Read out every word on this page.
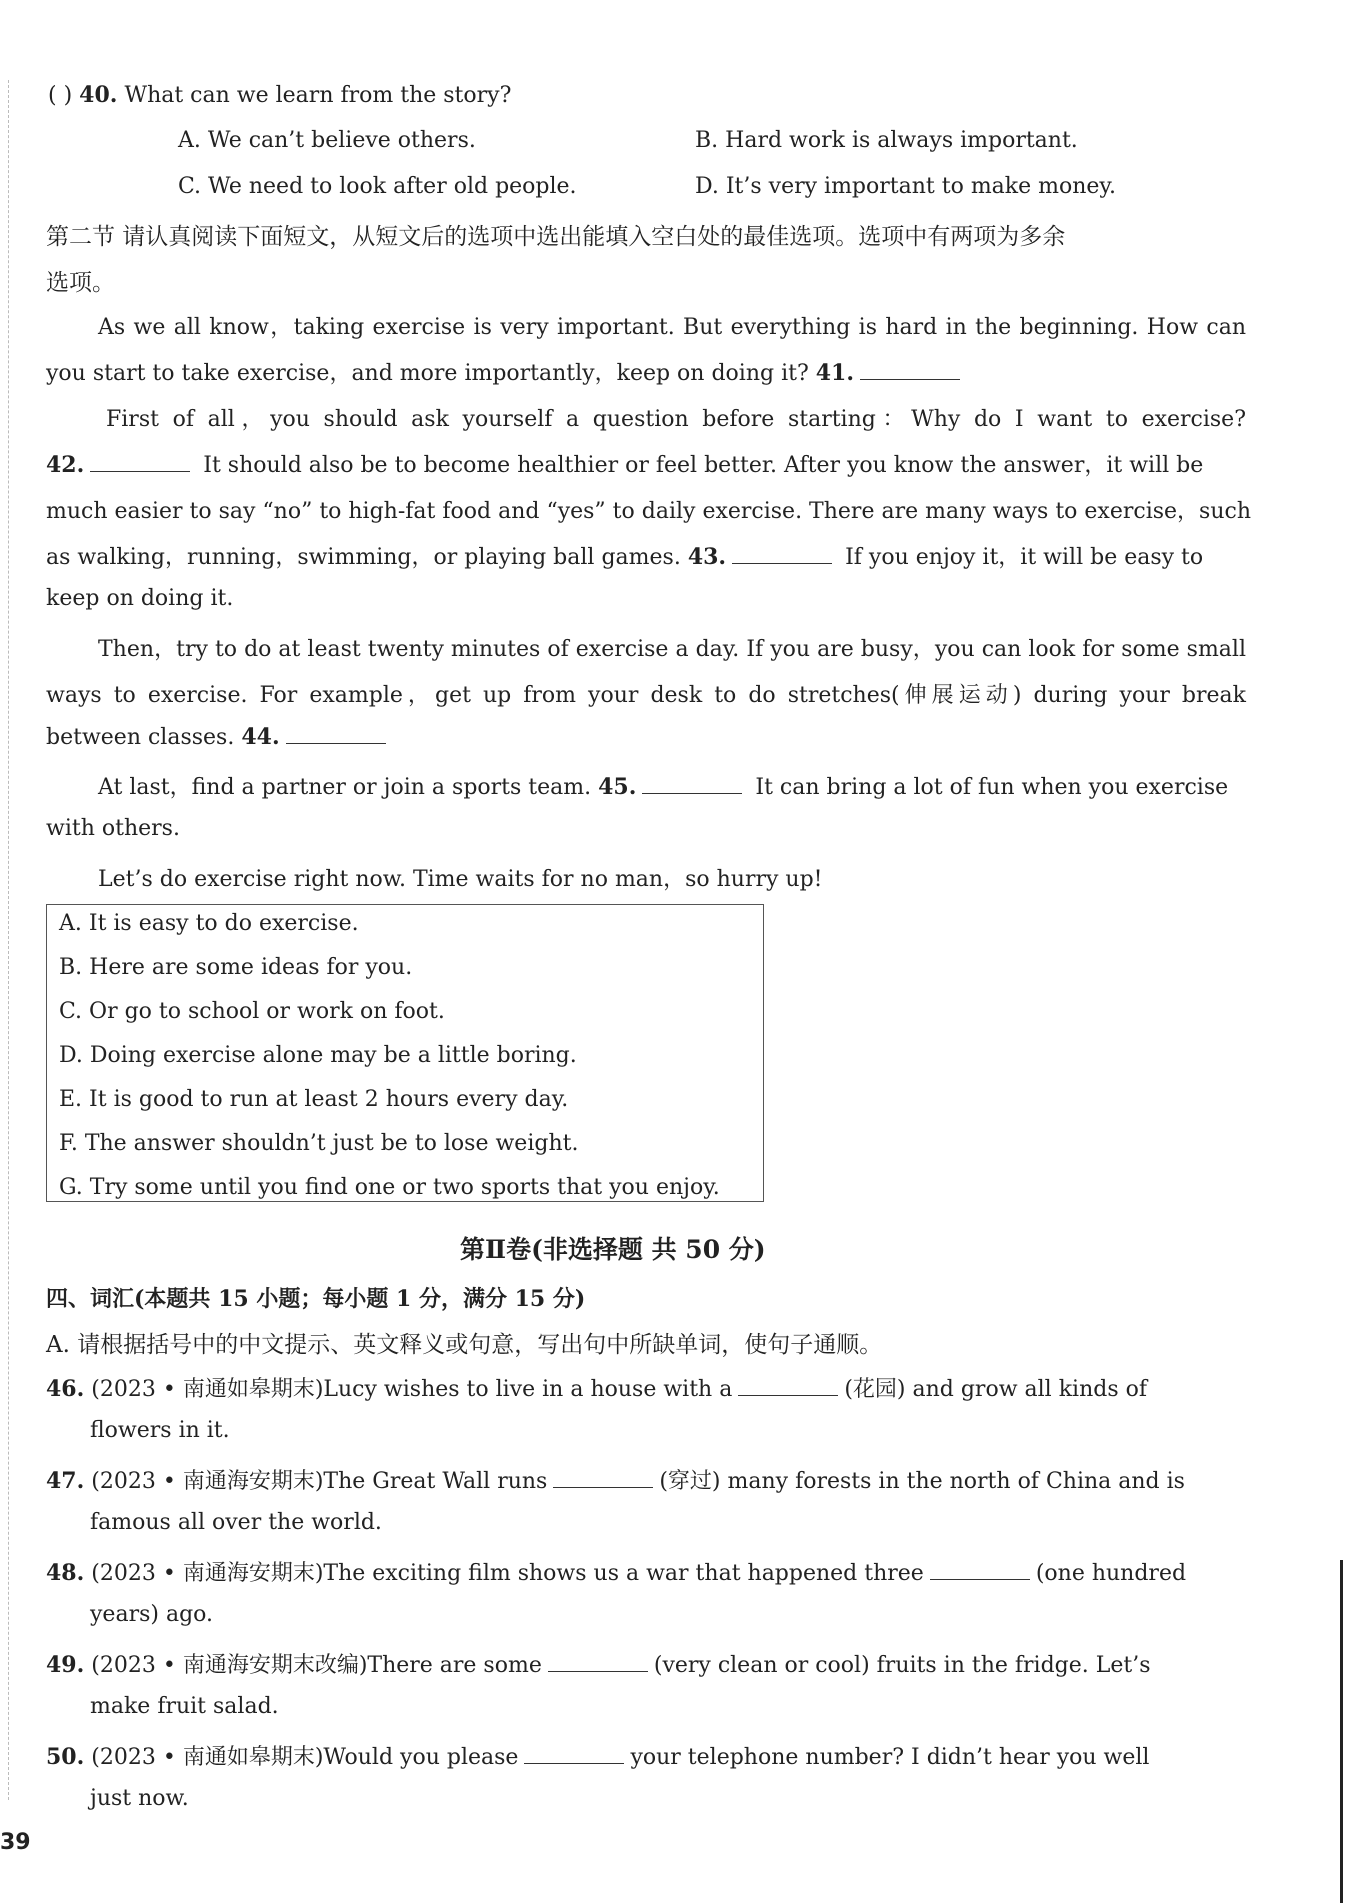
( ) 40. What can we learn from the story?
A. We can’t believe others.	B. Hard work is always important.
C. We need to look after old people.	D. It’s very important to make money.
第二节 请认真阅读下面短文，从短文后的选项中选出能填入空白处的最佳选项。选项中有两项为多余
选项。
As we all know，taking exercise is very important. But everything is hard in the beginning. How can
you start to take exercise，and more importantly，keep on doing it? 41.
First of all，you should ask yourself a question before starting：Why do I want to exercise?
42.	It should also be to become healthier or feel better. After you know the answer，it will be
much easier to say “no” to high-fat food and “yes” to daily exercise. There are many ways to exercise，such
as walking，running，swimming，or playing ball games. 43.	If you enjoy it，it will be easy to
keep on doing it.
Then，try to do at least twenty minutes of exercise a day. If you are busy，you can look for some small
ways to exercise. For example，get up from your desk to do stretches(伸展运动) during your break
between classes. 44.
At last，find a partner or join a sports team. 45.	It can bring a lot of fun when you exercise
with others.
Let’s do exercise right now. Time waits for no man，so hurry up!
A. It is easy to do exercise.
B. Here are some ideas for you.
C. Or go to school or work on foot.
D. Doing exercise alone may be a little boring.
E. It is good to run at least 2 hours every day.
F. The answer shouldn’t just be to lose weight.
G. Try some until you find one or two sports that you enjoy.
第Ⅱ卷(非选择题 共 50 分)
四、词汇(本题共 15 小题；每小题 1 分，满分 15 分)
A. 请根据括号中的中文提示、英文释义或句意，写出句中所缺单词，使句子通顺。
46. (2023 • 南通如皋期末)Lucy wishes to live in a house with a	(花园) and grow all kinds of
flowers in it.
47. (2023 • 南通海安期末)The Great Wall runs	(穿过) many forests in the north of China and is
famous all over the world.
48. (2023 • 南通海安期末)The exciting film shows us a war that happened three	(one hundred
years) ago.
49. (2023 • 南通海安期末改编)There are some	(very clean or cool) fruits in the fridge. Let’s
make fruit salad.
50. (2023 • 南通如皋期末)Would you please	your telephone number? I didn’t hear you well
just now.
39
